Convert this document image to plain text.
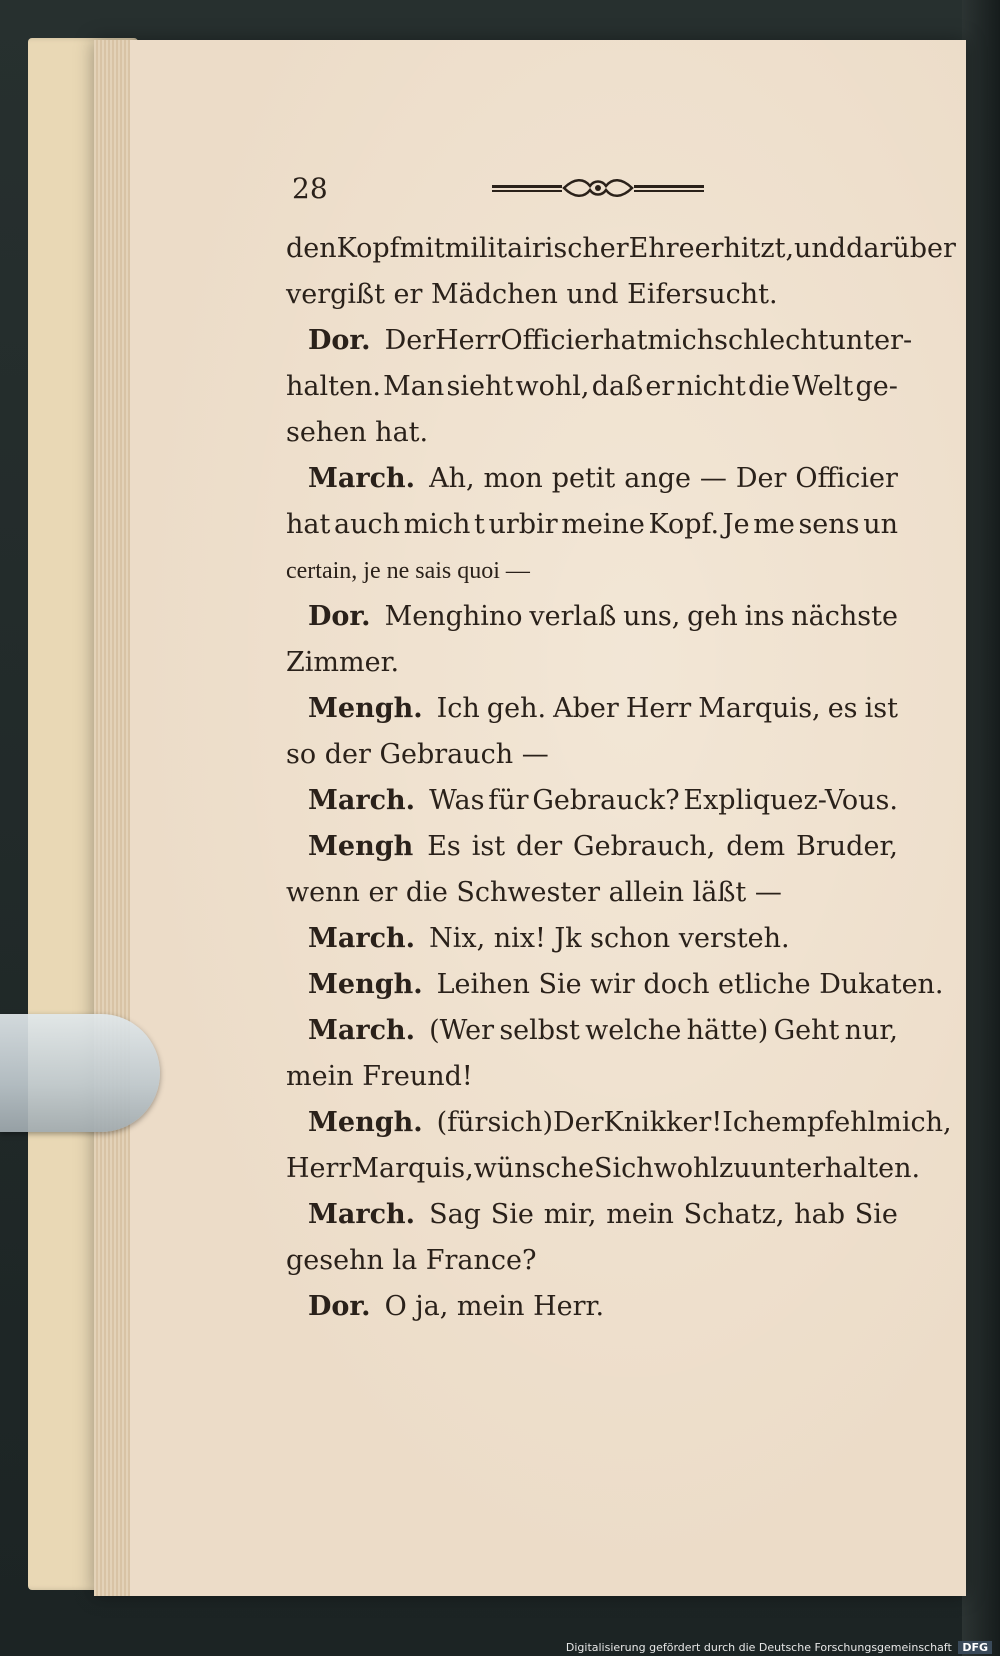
28
den Kopf mit militairischer Ehre erhitzt, und darüber
vergißt er Mädchen und Eifersucht.
Dor. Der Herr Officier hat mich schlecht unter-
halten. Man sieht wohl, daß er nicht die Welt ge-
sehen hat.
March. Ah, mon petit ange — Der Officier
hat auch mich t urbir meine Kopf. Je me sens un
certain, je ne sais quoi —
Dor. Menghino verlaß uns, geh ins nächste
Zimmer.
Mengh. Ich geh. Aber Herr Marquis, es ist
so der Gebrauch —
March. Was für Gebrauck? Expliquez-Vous.
Mengh Es ist der Gebrauch, dem Bruder,
wenn er die Schwester allein läßt —
March. Nix, nix! Jk schon versteh.
Mengh. Leihen Sie wir doch etliche Dukaten.
March. (Wer selbst welche hätte) Geht nur,
mein Freund!
Mengh. (für sich) Der Knikker! Ich empfehl mich,
Herr Marquis, wünsche Sich wohl zu unterhalten.
March. Sag Sie mir, mein Schatz, hab Sie
gesehn la France?
Dor. O ja, mein Herr.
Digitalisierung gefördert durch die Deutsche Forschungsgemeinschaft DFG
